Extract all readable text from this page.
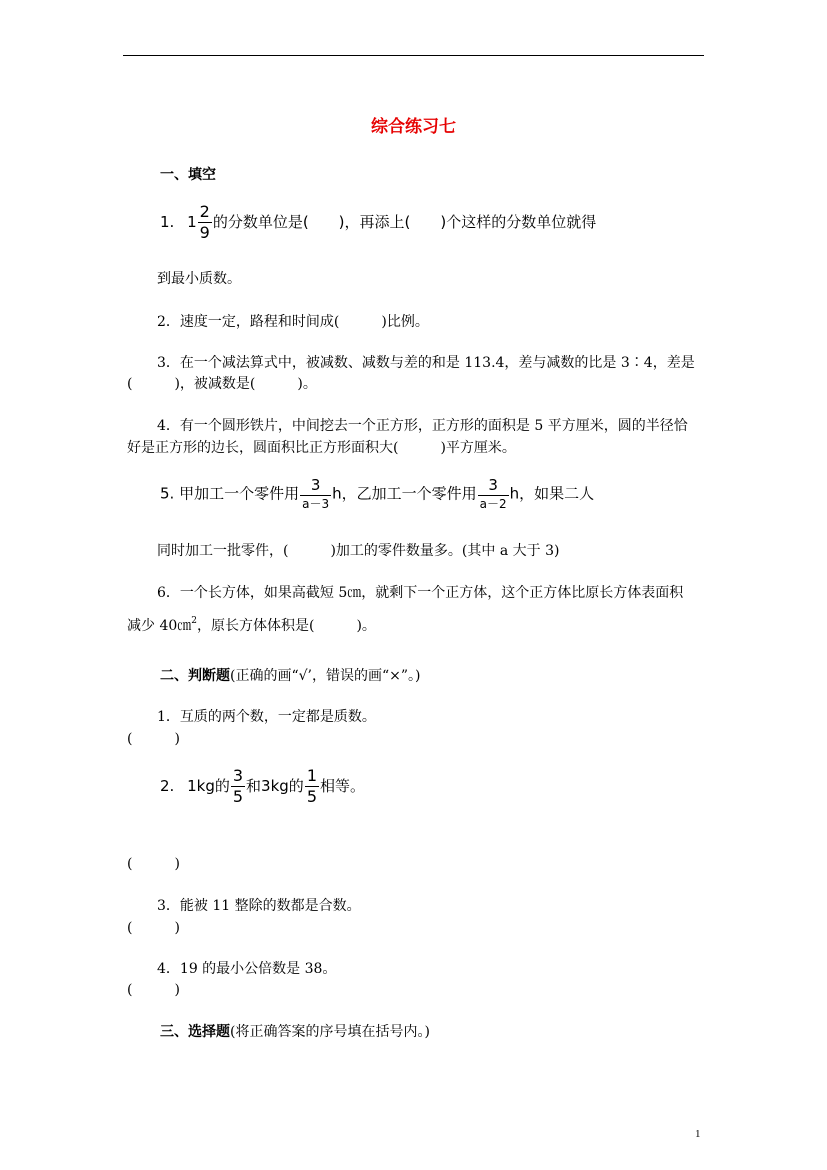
综合练习七
一、填空
1. $1 \frac{2}{9}$ 的分数单位是(　　)，再添上(　　)个这样的分数单位就得
到最小质数。
2．速度一定，路程和时间成(　　　)比例。
3．在一个减法算式中，被减数、减数与差的和是 113.4，差与减数的比是 3∶4，差是
(　　　)，被减数是(　　　)。
4．有一个圆形铁片，中间挖去一个正方形，正方形的面积是 5 平方厘米，圆的半径恰
好是正方形的边长，圆面积比正方形面积大(　　　)平方厘米。
5. 甲加工一个零件用 $\frac{3}{a-3}$ h，乙加工一个零件用 $\frac{3}{a-2}$ h，如果二人
同时加工一批零件，(　　　)加工的零件数量多。(其中 a 大于 3)
6．一个长方体，如果高截短 5㎝，就剩下一个正方体，这个正方体比原长方体表面积
减少 40㎝$^2$，原长方体体积是(　　　)。
二、判断题(正确的画“√’，错误的画“×”。)
1．互质的两个数，一定都是质数。
(　　　)
2. 1kg的 $\frac{3}{5}$ 和3kg的 $\frac{1}{5}$ 相等。
(　　　)
3．能被 11 整除的数都是合数。
(　　　)
4．19 的最小公倍数是 38。
(　　　)
三、选择题(将正确答案的序号填在括号内。)
1
